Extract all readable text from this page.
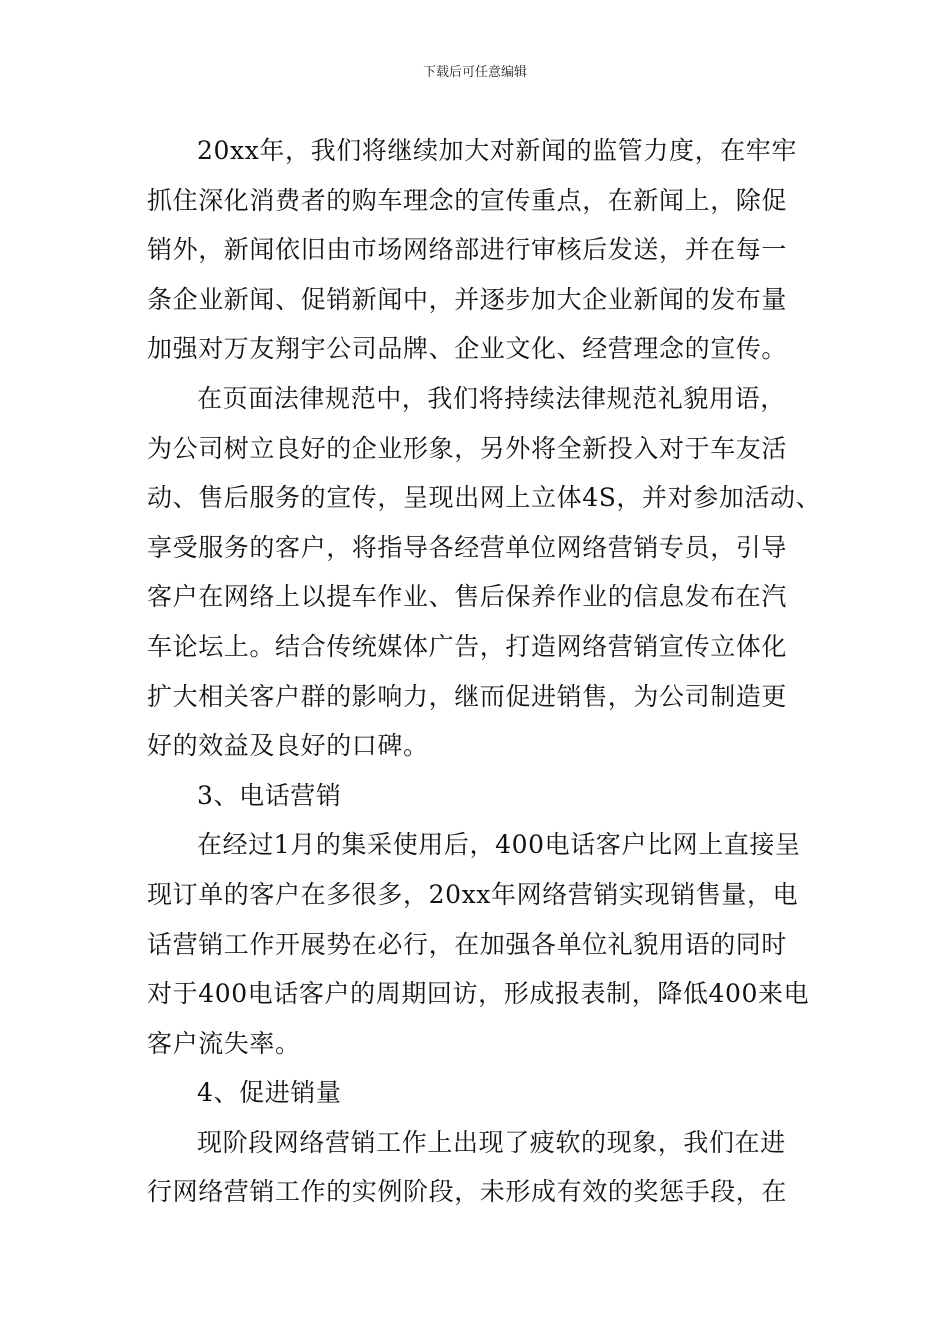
下载后可任意编辑
20xx年，我们将继续加大对新闻的监管力度，在牢牢
抓住深化消费者的购车理念的宣传重点，在新闻上，除促
销外，新闻依旧由市场网络部进行审核后发送，并在每一
条企业新闻、促销新闻中，并逐步加大企业新闻的发布量
加强对万友翔宇公司品牌、企业文化、经营理念的宣传。
在页面法律规范中，我们将持续法律规范礼貌用语，
为公司树立良好的企业形象，另外将全新投入对于车友活
动、售后服务的宣传，呈现出网上立体4S，并对参加活动、
享受服务的客户，将指导各经营单位网络营销专员，引导
客户在网络上以提车作业、售后保养作业的信息发布在汽
车论坛上。结合传统媒体广告，打造网络营销宣传立体化
扩大相关客户群的影响力，继而促进销售，为公司制造更
好的效益及良好的口碑。
3、电话营销
在经过1月的集采使用后，400电话客户比网上直接呈
现订单的客户在多很多，20xx年网络营销实现销售量，电
话营销工作开展势在必行，在加强各单位礼貌用语的同时
对于400电话客户的周期回访，形成报表制，降低400来电
客户流失率。
4、促进销量
现阶段网络营销工作上出现了疲软的现象，我们在进
行网络营销工作的实例阶段，未形成有效的奖惩手段，在
